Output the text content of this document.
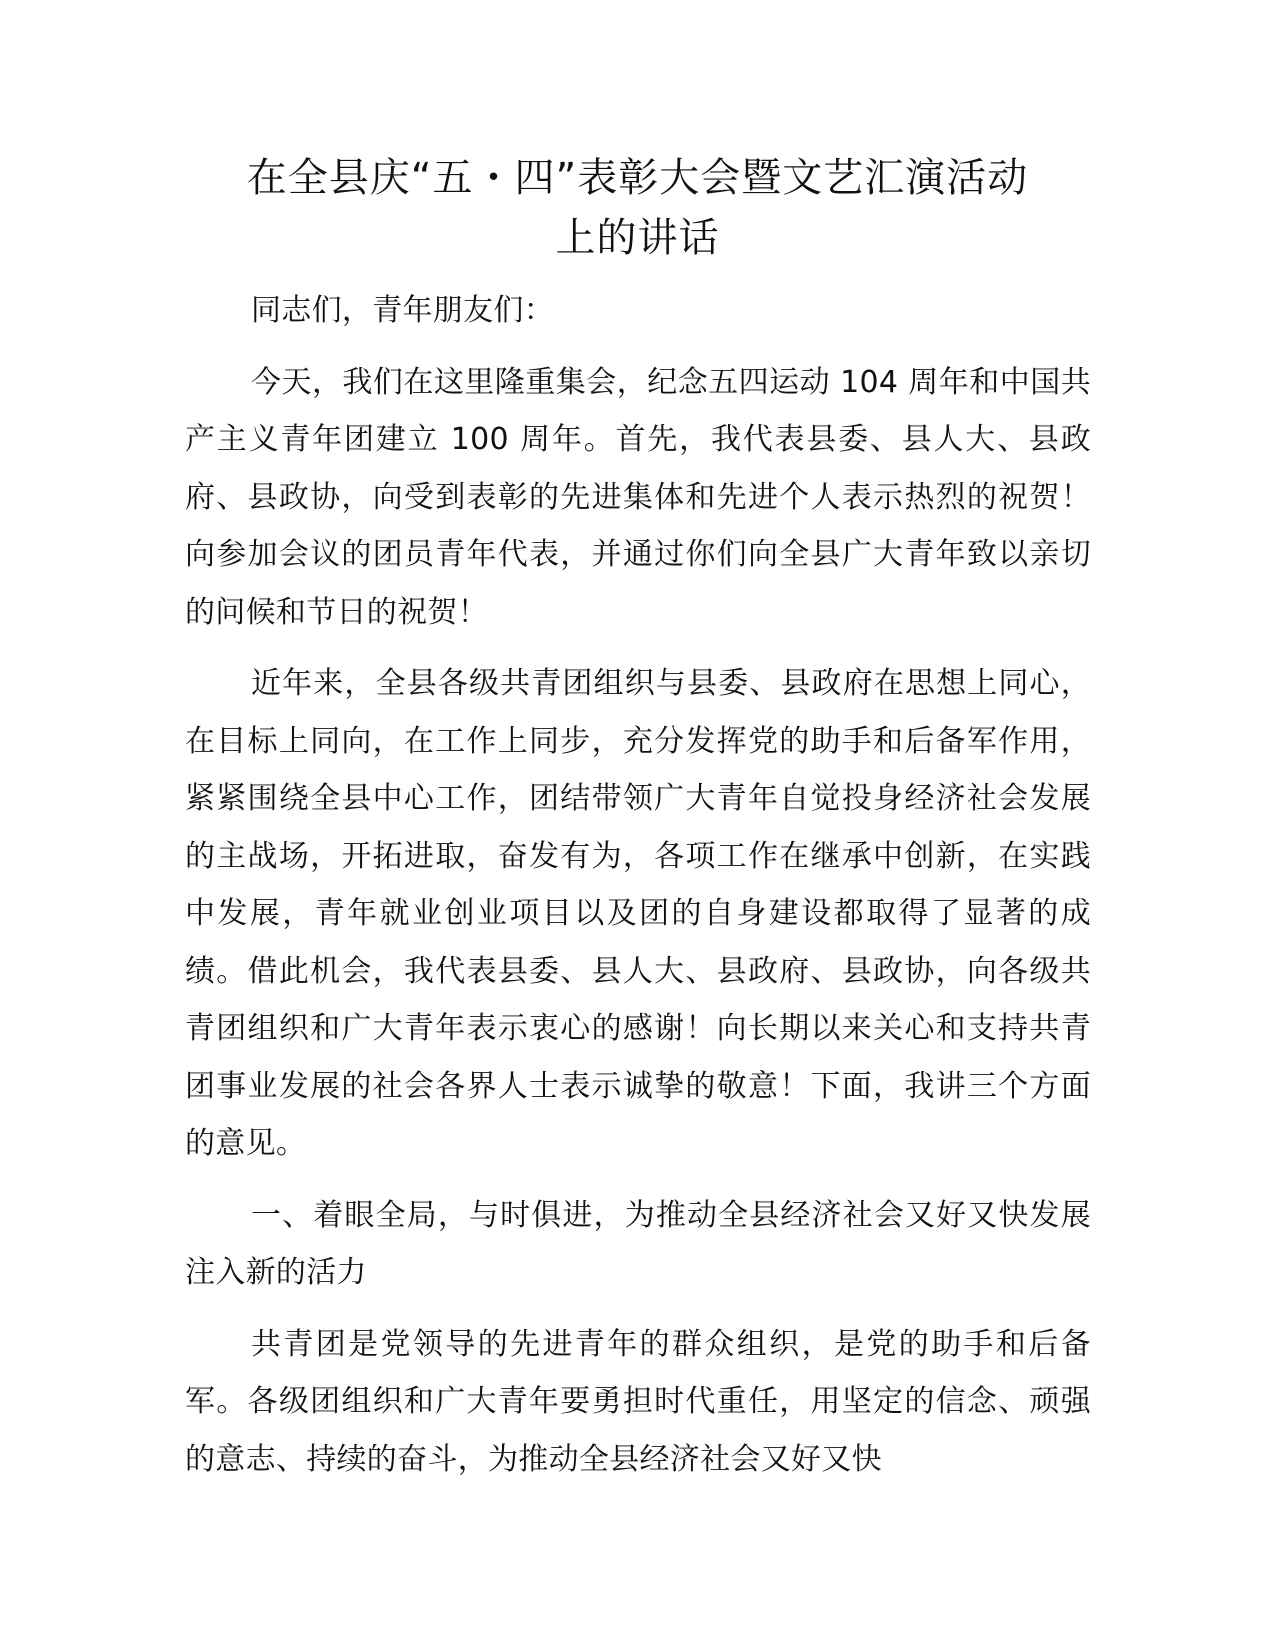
在全县庆“五・四”表彰大会暨文艺汇演活动
上的讲话

同志们，青年朋友们：

今天，我们在这里隆重集会，纪念五四运动 104 周年和中国共产主义青年团建立 100 周年。首先，我代表县委、县人大、县政府、县政协，向受到表彰的先进集体和先进个人表示热烈的祝贺！向参加会议的团员青年代表，并通过你们向全县广大青年致以亲切的问候和节日的祝贺！

近年来，全县各级共青团组织与县委、县政府在思想上同心，在目标上同向，在工作上同步，充分发挥党的助手和后备军作用，紧紧围绕全县中心工作，团结带领广大青年自觉投身经济社会发展的主战场，开拓进取，奋发有为，各项工作在继承中创新，在实践中发展，青年就业创业项目以及团的自身建设都取得了显著的成绩。借此机会，我代表县委、县人大、县政府、县政协，向各级共青团组织和广大青年表示衷心的感谢！向长期以来关心和支持共青团事业发展的社会各界人士表示诚挚的敬意！下面，我讲三个方面的意见。

一、着眼全局，与时俱进，为推动全县经济社会又好又快发展注入新的活力

共青团是党领导的先进青年的群众组织，是党的助手和后备军。各级团组织和广大青年要勇担时代重任，用坚定的信念、顽强的意志、持续的奋斗，为推动全县经济社会又好又快
